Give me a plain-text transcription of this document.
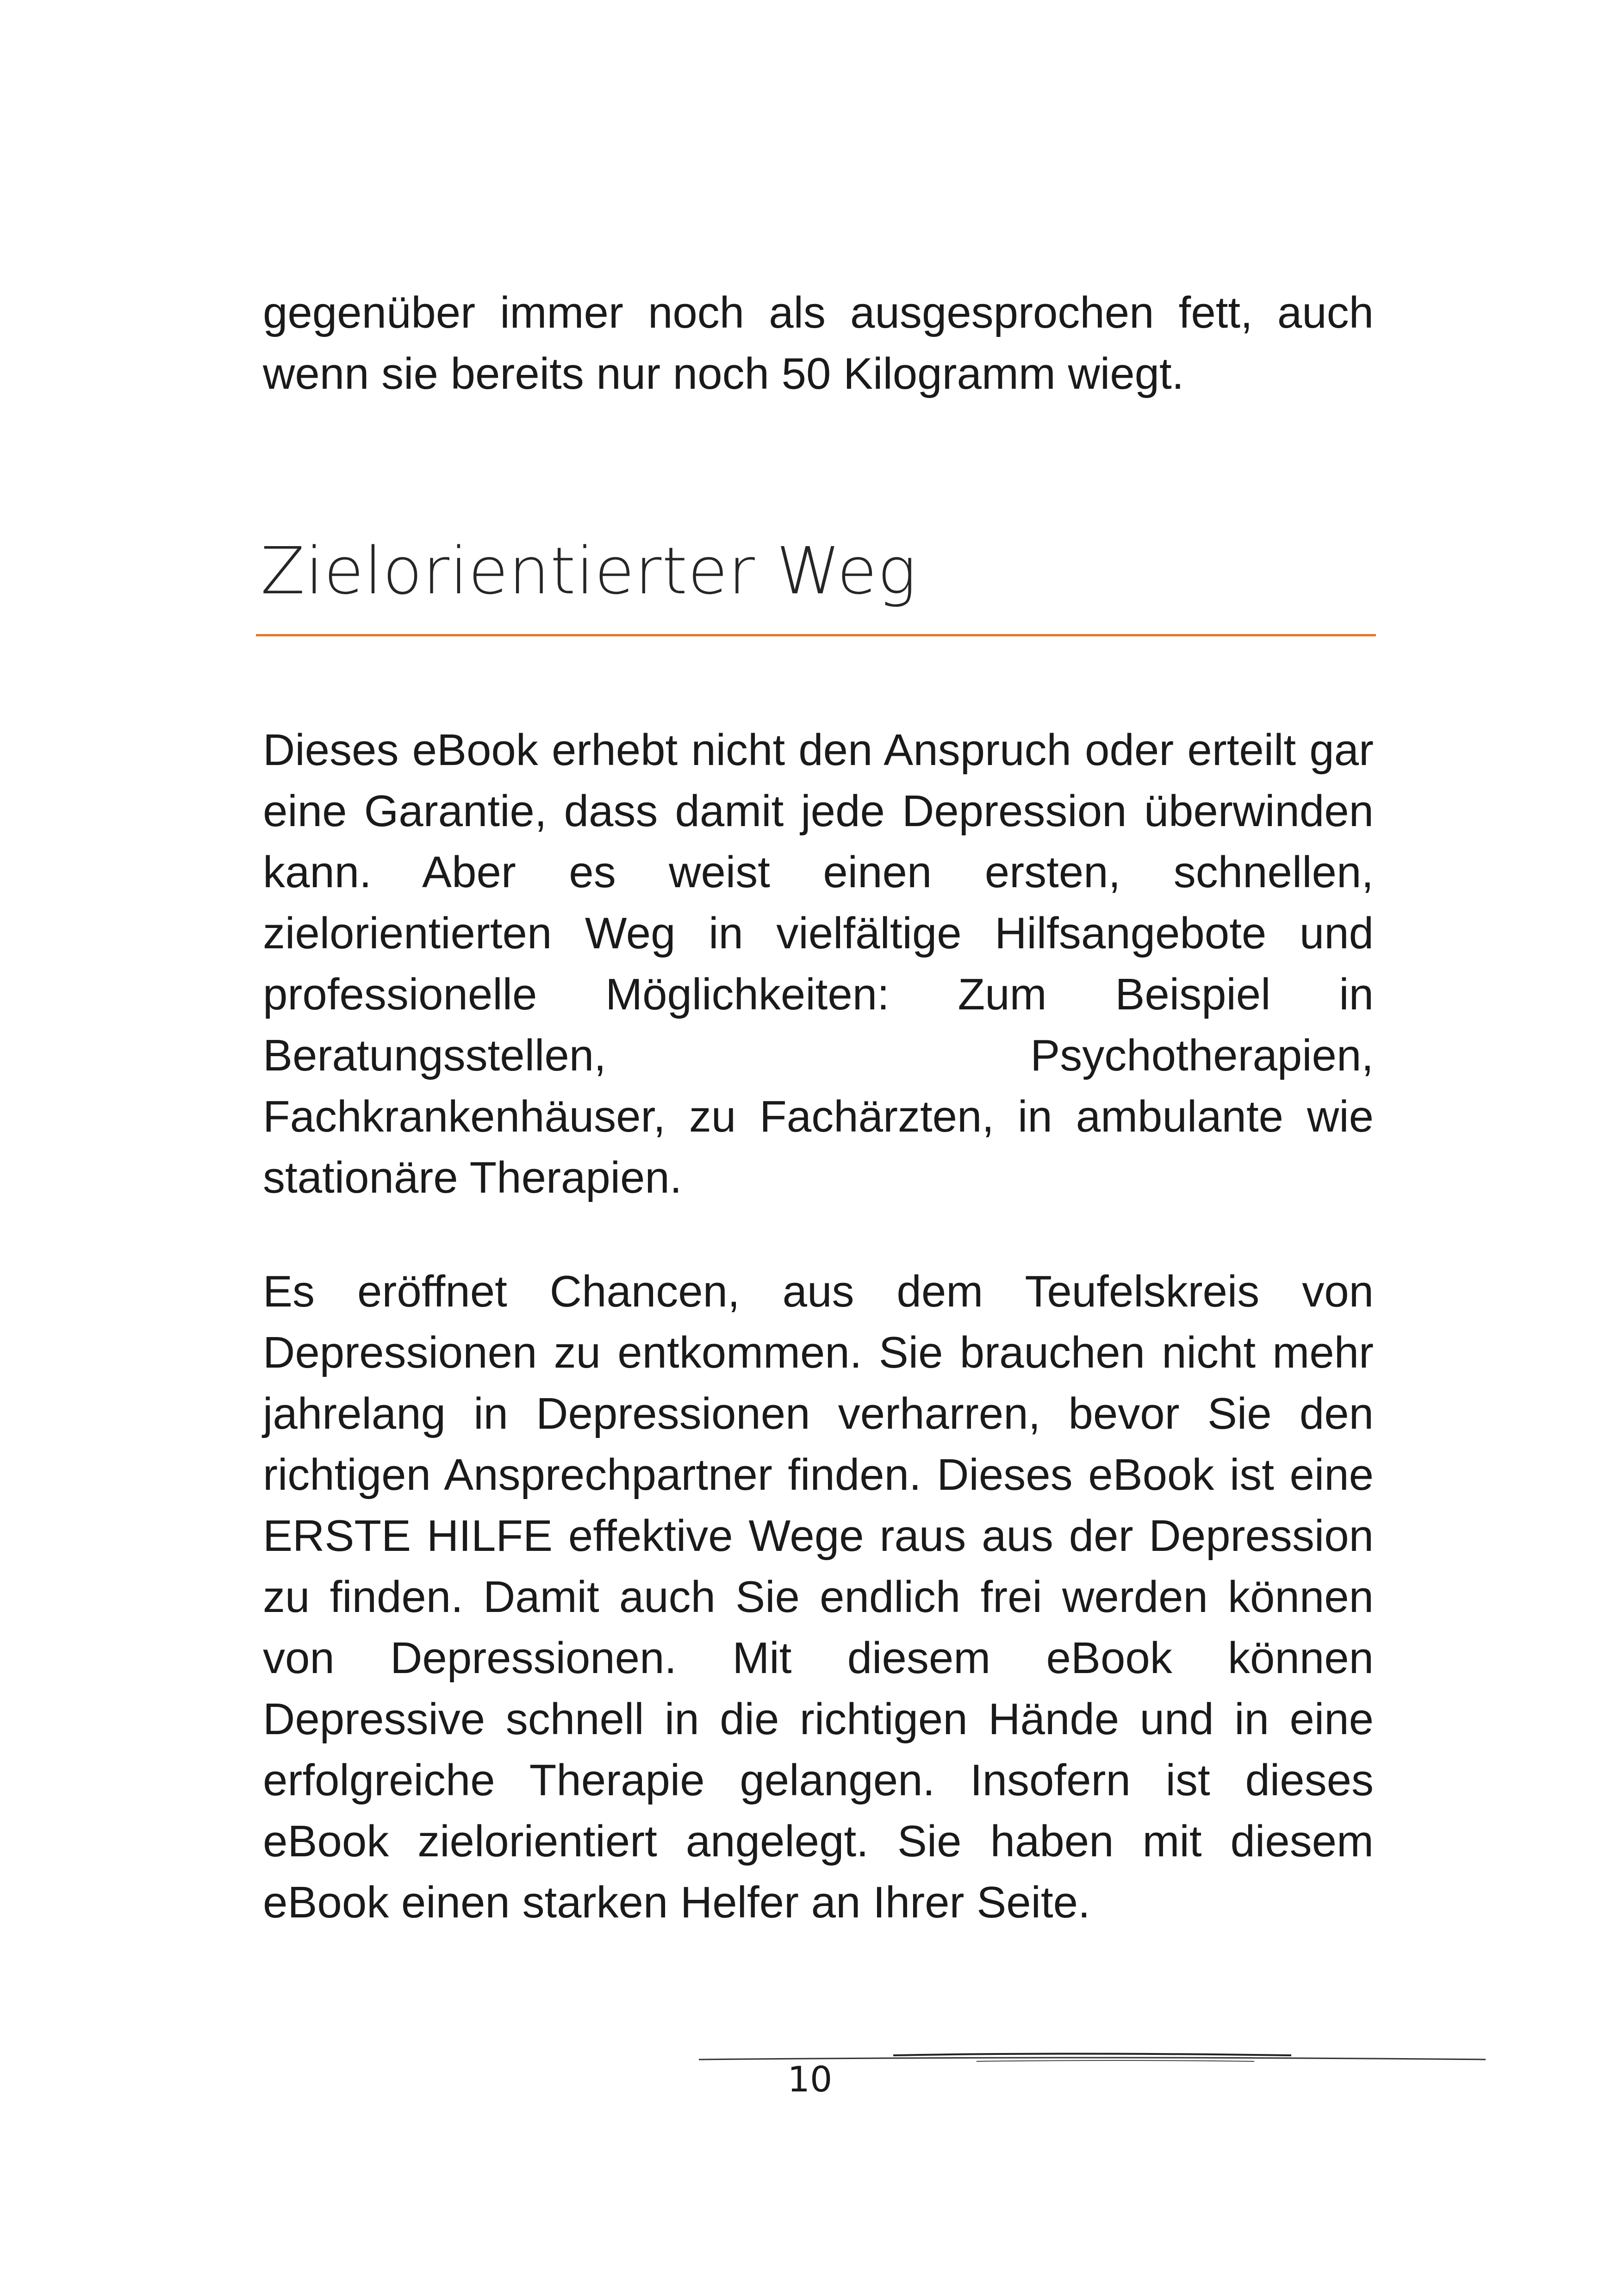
gegenüber immer noch als ausgesprochen fett, auch wenn sie bereits nur noch 50 Kilogramm wiegt.

Zielorientierter Weg

Dieses eBook erhebt nicht den Anspruch oder erteilt gar eine Garantie, dass damit jede Depression überwinden kann. Aber es weist einen ersten, schnellen, zielorientierten Weg in vielfältige Hilfsangebote und professionelle Möglichkeiten: Zum Beispiel in Beratungsstellen, Psychotherapien, Fachkrankenhäuser, zu Fachärzten, in ambulante wie stationäre Therapien.

Es eröffnet Chancen, aus dem Teufelskreis von Depressionen zu entkommen. Sie brauchen nicht mehr jahrelang in Depressionen verharren, bevor Sie den richtigen Ansprechpartner finden. Dieses eBook ist eine ERSTE HILFE effektive Wege raus aus der Depression zu finden. Damit auch Sie endlich frei werden können von Depressionen. Mit diesem eBook können Depressive schnell in die richtigen Hände und in eine erfolgreiche Therapie gelangen. Insofern ist dieses eBook zielorientiert angelegt. Sie haben mit diesem eBook einen starken Helfer an Ihrer Seite.

10
